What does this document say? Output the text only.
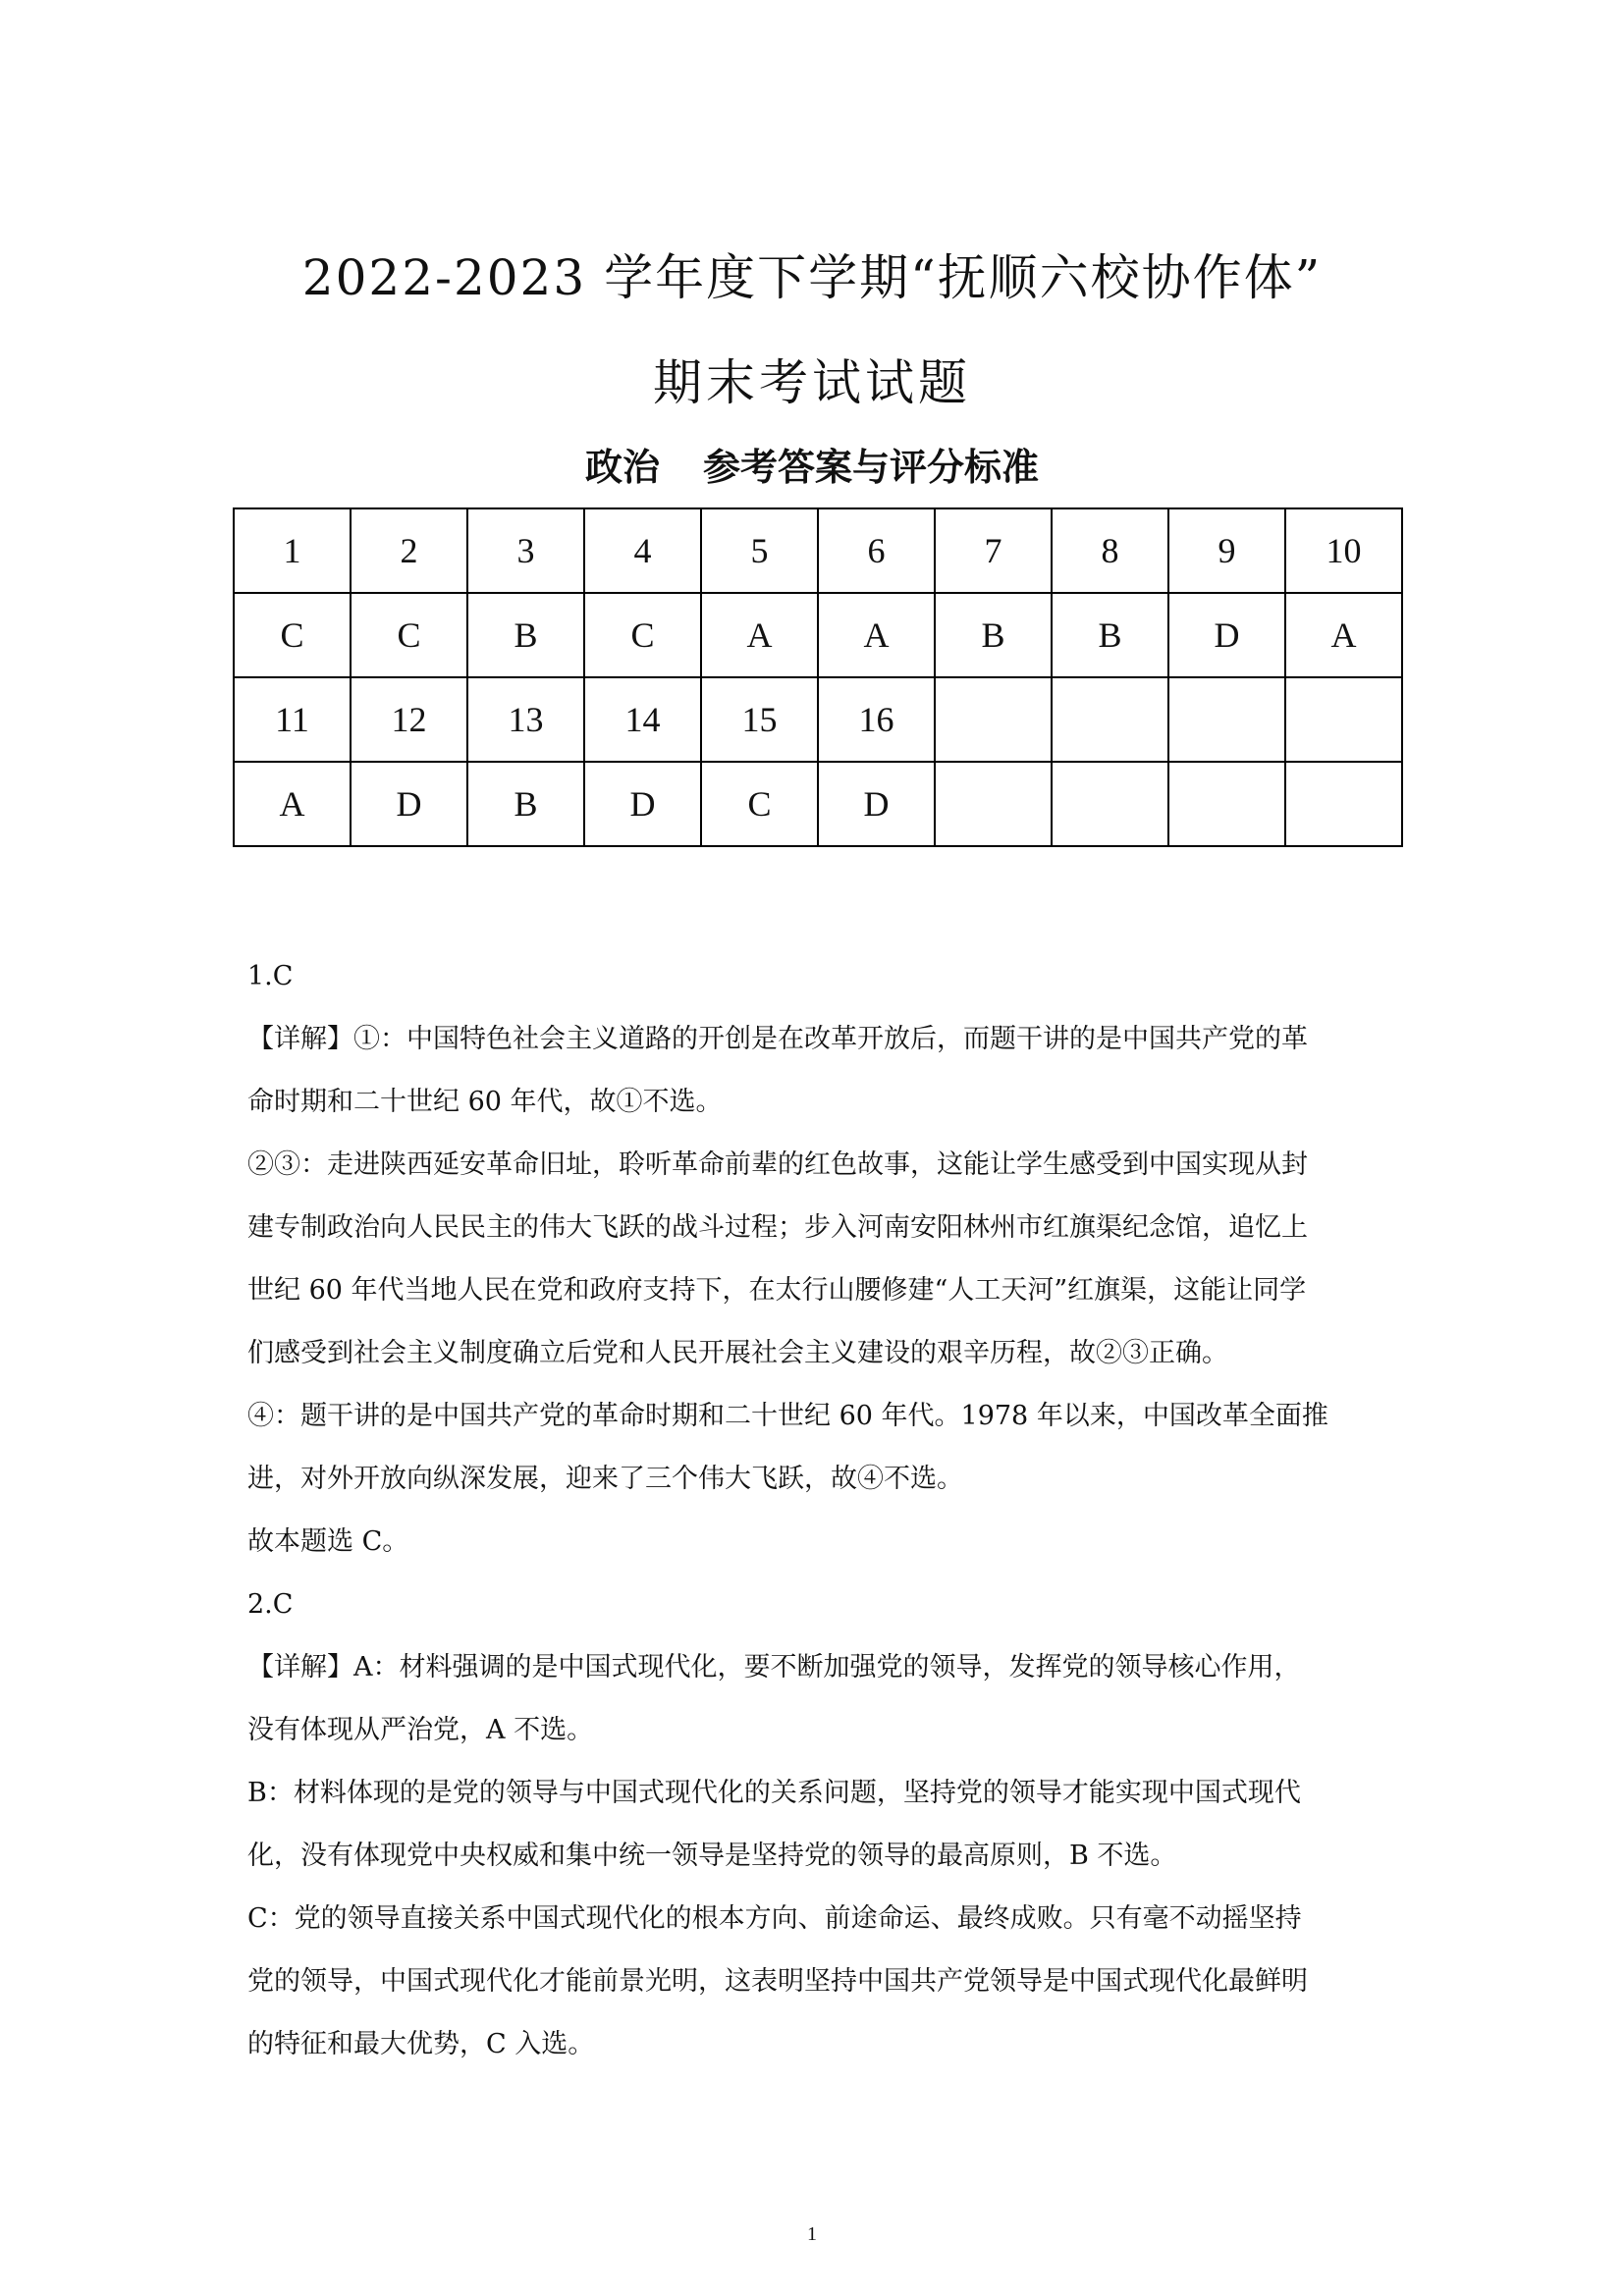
2022-2023 学年度下学期“抚顺六校协作体”
期末考试试题
政治 参考答案与评分标准
1	2	3	4	5	6	7	8	9	10
C	C	B	C	A	A	B	B	D	A
11	12	13	14	15	16				
A	D	B	D	C	D				

1.C

【详解】①：中国特色社会主义道路的开创是在改革开放后，而题干讲的是中国共产党的革

命时期和二十世纪 60 年代，故①不选。

②③：走进陕西延安革命旧址，聆听革命前辈的红色故事，这能让学生感受到中国实现从封

建专制政治向人民民主的伟大飞跃的战斗过程；步入河南安阳林州市红旗渠纪念馆，追忆上

世纪 60 年代当地人民在党和政府支持下，在太行山腰修建“人工天河”红旗渠，这能让同学

们感受到社会主义制度确立后党和人民开展社会主义建设的艰辛历程，故②③正确。

④：题干讲的是中国共产党的革命时期和二十世纪 60 年代。1978 年以来，中国改革全面推

进，对外开放向纵深发展，迎来了三个伟大飞跃，故④不选。

故本题选 C。

2.C

【详解】A：材料强调的是中国式现代化，要不断加强党的领导，发挥党的领导核心作用，

没有体现从严治党，A 不选。

B：材料体现的是党的领导与中国式现代化的关系问题，坚持党的领导才能实现中国式现代

化，没有体现党中央权威和集中统一领导是坚持党的领导的最高原则，B 不选。

C：党的领导直接关系中国式现代化的根本方向、前途命运、最终成败。只有毫不动摇坚持

党的领导，中国式现代化才能前景光明，这表明坚持中国共产党领导是中国式现代化最鲜明

的特征和最大优势，C 入选。

1
